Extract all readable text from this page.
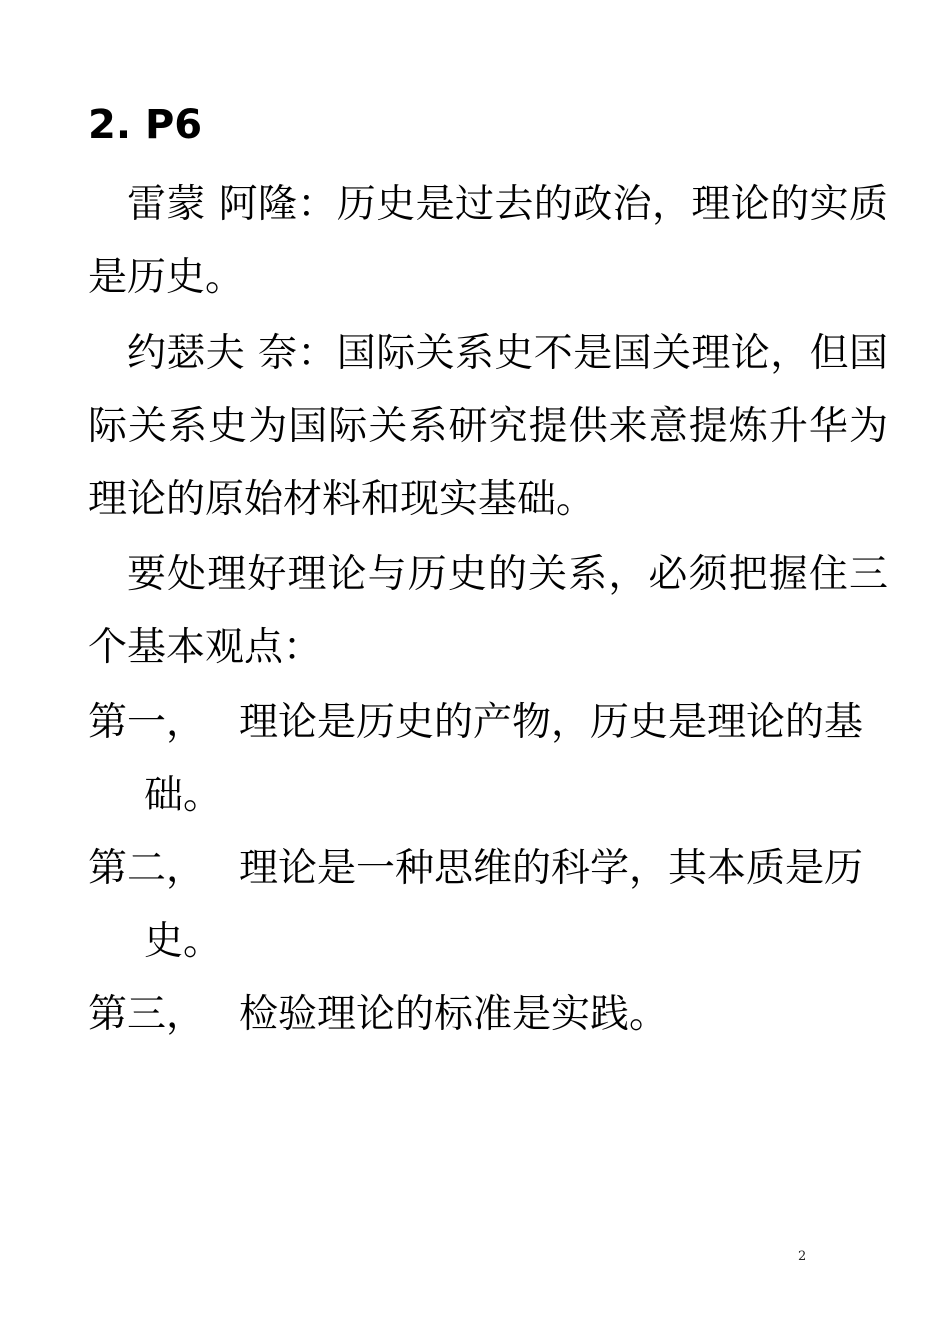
2. P6

雷蒙 阿隆：历史是过去的政治，理论的实质是历史。

约瑟夫 奈：国际关系史不是国关理论，但国际关系史为国际关系研究提供来意提炼升华为理论的原始材料和现实基础。

要处理好理论与历史的关系，必须把握住三个基本观点：

第一， 理论是历史的产物，历史是理论的基础。
第二， 理论是一种思维的科学，其本质是历史。
第三， 检验理论的标准是实践。
2
